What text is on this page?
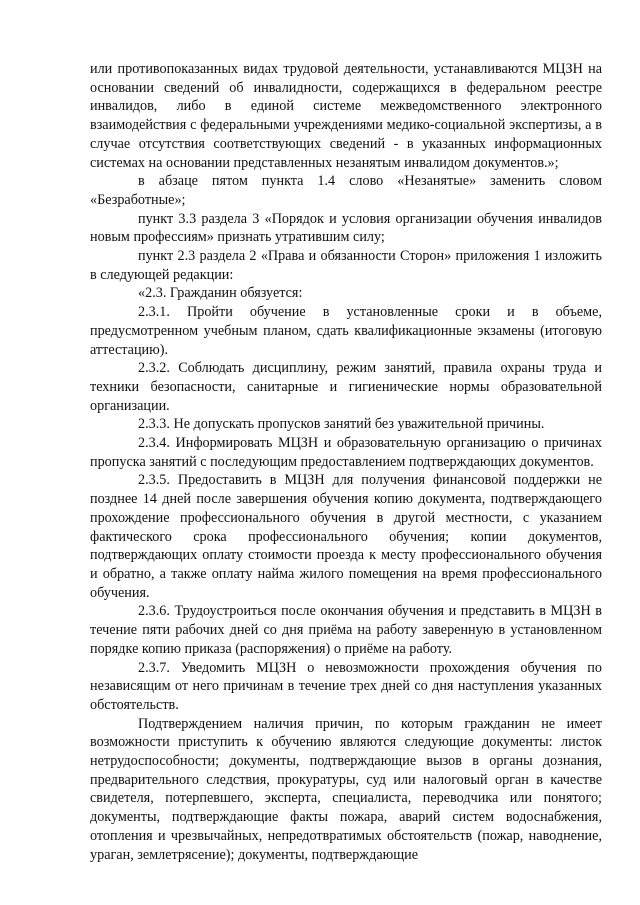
или противопоказанных видах трудовой деятельности, устанавливаются МЦЗН на основании сведений об инвалидности, содержащихся в федеральном реестре инвалидов, либо в единой системе межведомственного электронного взаимодействия с федеральными учреждениями медико-социальной экспертизы, а в случае отсутствия соответствующих сведений - в указанных информационных системах на основании представленных незанятым инвалидом документов.»;

в абзаце пятом пункта 1.4 слово «Незанятые» заменить словом «Безработные»;

пункт 3.3 раздела 3 «Порядок и условия организации обучения инвалидов новым профессиям» признать утратившим силу;

пункт 2.3 раздела 2 «Права и обязанности Сторон» приложения 1 изложить в следующей редакции:

«2.3. Гражданин обязуется:

2.3.1. Пройти обучение в установленные сроки и в объеме, предусмотренном учебным планом, сдать квалификационные экзамены (итоговую аттестацию).

2.3.2. Соблюдать дисциплину, режим занятий, правила охраны труда и техники безопасности, санитарные и гигиенические нормы образовательной организации.

2.3.3. Не допускать пропусков занятий без уважительной причины.

2.3.4. Информировать МЦЗН и образовательную организацию о причинах пропуска занятий с последующим предоставлением подтверждающих документов.

2.3.5. Предоставить в МЦЗН для получения финансовой поддержки не позднее 14 дней после завершения обучения копию документа, подтверждающего прохождение профессионального обучения в другой местности, с указанием фактического срока профессионального обучения; копии документов, подтверждающих оплату стоимости проезда к месту профессионального обучения и обратно, а также оплату найма жилого помещения на время профессионального обучения.

2.3.6. Трудоустроиться после окончания обучения и представить в МЦЗН в течение пяти рабочих дней со дня приёма на работу заверенную в установленном порядке копию приказа (распоряжения) о приёме на работу.

2.3.7. Уведомить МЦЗН о невозможности прохождения обучения по независящим от него причинам в течение трех дней со дня наступления указанных обстоятельств.

Подтверждением наличия причин, по которым гражданин не имеет возможности приступить к обучению являются следующие документы: листок нетрудоспособности; документы, подтверждающие вызов в органы дознания, предварительного следствия, прокуратуры, суд или налоговый орган в качестве свидетеля, потерпевшего, эксперта, специалиста, переводчика или понятого; документы, подтверждающие факты пожара, аварий систем водоснабжения, отопления и чрезвычайных, непредотвратимых обстоятельств (пожар, наводнение, ураган, землетрясение); документы, подтверждающие
